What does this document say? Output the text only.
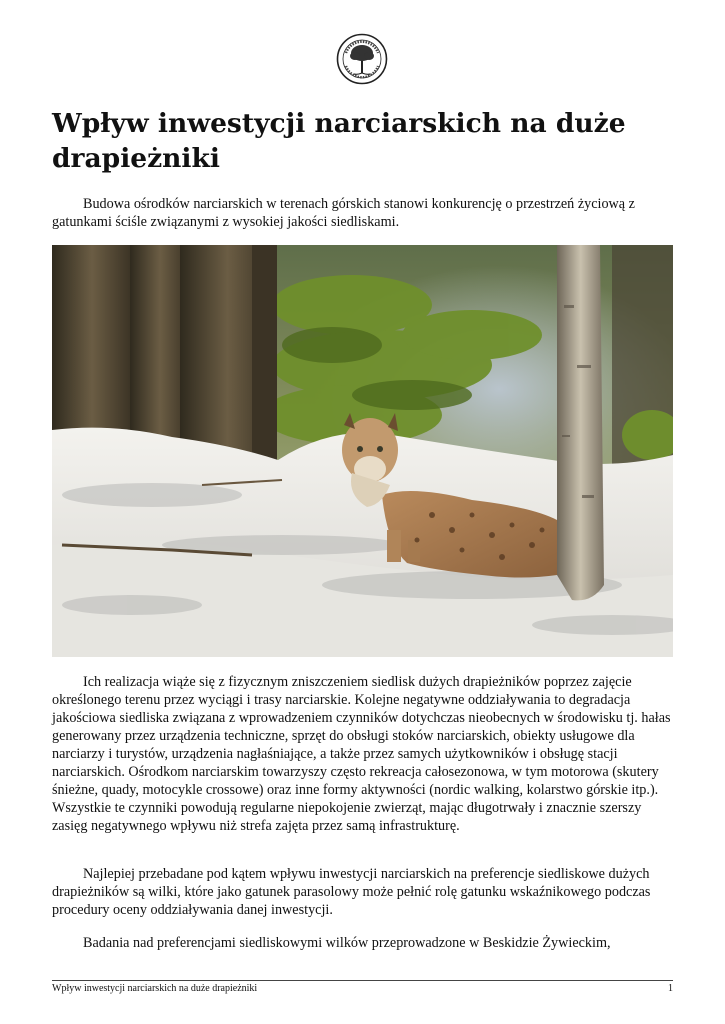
Wpływ inwestycji narciarskich na duże drapieżniki

Budowa ośrodków narciarskich w terenach górskich stanowi konkurencję o przestrzeń życiową z gatunkami ściśle związanymi z wysokiej jakości siedliskami.

Ich realizacja wiąże się z fizycznym zniszczeniem siedlisk dużych drapieżników poprzez zajęcie określonego terenu przez wyciągi i trasy narciarskie. Kolejne negatywne oddziaływania to degradacja jakościowa siedliska związana z wprowadzeniem czynników dotychczas nieobecnych w środowisku tj. hałas generowany przez urządzenia techniczne, sprzęt do obsługi stoków narciarskich, obiekty usługowe dla narciarzy i turystów, urządzenia nagłaśniające, a także przez samych użytkowników i obsługę stacji narciarskich. Ośrodkom narciarskim towarzyszy często rekreacja całosezonowa, w tym motorowa (skutery śnieżne, quady, motocykle crossowe) oraz inne formy aktywności (nordic walking, kolarstwo górskie itp.). Wszystkie te czynniki powodują regularne niepokojenie zwierząt, mając długotrwały i znacznie szerszy zasięg negatywnego wpływu niż strefa zajęta przez samą infrastrukturę.

Najlepiej przebadane pod kątem wpływu inwestycji narciarskich na preferencje siedliskowe dużych drapieżników są wilki, które jako gatunek parasolowy może pełnić rolę gatunku wskaźnikowego podczas procedury oceny oddziaływania danej inwestycji.

Badania nad preferencjami siedliskowymi wilków przeprowadzone w Beskidzie Żywieckim,

Wpływ inwestycji narciarskich na duże drapieżniki	1
